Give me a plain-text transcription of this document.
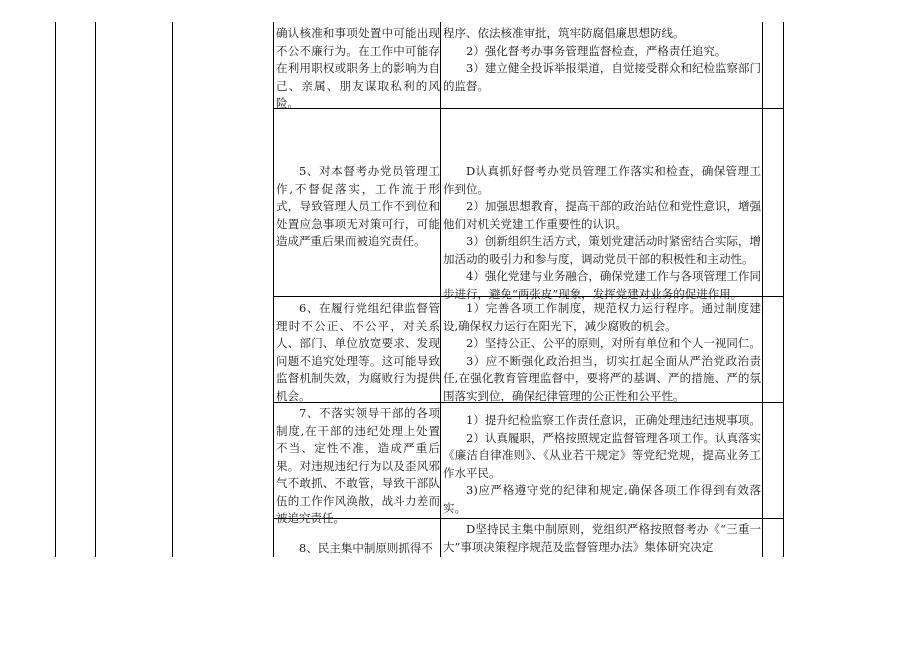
确认核准和事项处置中可能出现不公不廉行为。在工作中可能存在利用职权或职务上的影响为自己、亲属、朋友谋取私利的风险。

程序、依法核准审批，筑牢防腐倡廉思想防线。

2）强化督考办事务管理监督检查，严格责任追究。

3）建立健全投诉举报渠道，自觉接受群众和纪检监察部门的监督。

5、对本督考办党员管理工作,不督促落实，工作流于形式，导致管理人员工作不到位和处置应急事项无对策可行，可能造成严重后果而被追究责任。

D认真抓好督考办党员管理工作落实和检查，确保管理工作到位。

2）加强思想教育，提高干部的政治站位和党性意识，增强他们对机关党建工作重要性的认识。

3）创新组织生活方式，策划党建活动时紧密结合实际，增加活动的吸引力和参与度，调动党员干部的积极性和主动性。

4）强化党建与业务融合，确保党建工作与各项管理工作同步进行，避免“两张皮”现象，发挥党建对业务的促进作用。

6、在履行党组纪律监督管理时不公正、不公平，对关系人、部门、单位放宽要求、发现问题不追究处理等。这可能导致监督机制失效，为腐败行为提供机会。

1）完善各项工作制度，规范权力运行程序。通过制度建设,确保权力运行在阳光下，减少腐败的机会。

2）坚持公正、公平的原则，对所有单位和个人一视同仁。

3）应不断强化政治担当，切实扛起全面从严治党政治责任,在强化教育管理监督中，要将严的基调、严的措施、严的氛围落实到位，确保纪律管理的公正性和公平性。

7、不落实领导干部的各项制度,在干部的违纪处理上处置不当、定性不准，造成严重后果。对违规违纪行为以及歪风邪气不敢抓、不敢管，导致干部队伍的工作作风涣散，战斗力差而被追究责任。

1）提升纪检监察工作责任意识，正确处理违纪违规事项。

2）认真履职，严格按照规定监督管理各项工作。认真落实《廉洁自律准则》、《从业若干规定》等党纪党规，提高业务工作水平民。

3)应严格遵守党的纪律和规定,确保各项工作得到有效落实。

8、民主集中制原则抓得不

D坚持民主集中制原则，党组织严格按照督考办《“三重一大”事项决策程序规范及监督管理办法》集体研究决定
